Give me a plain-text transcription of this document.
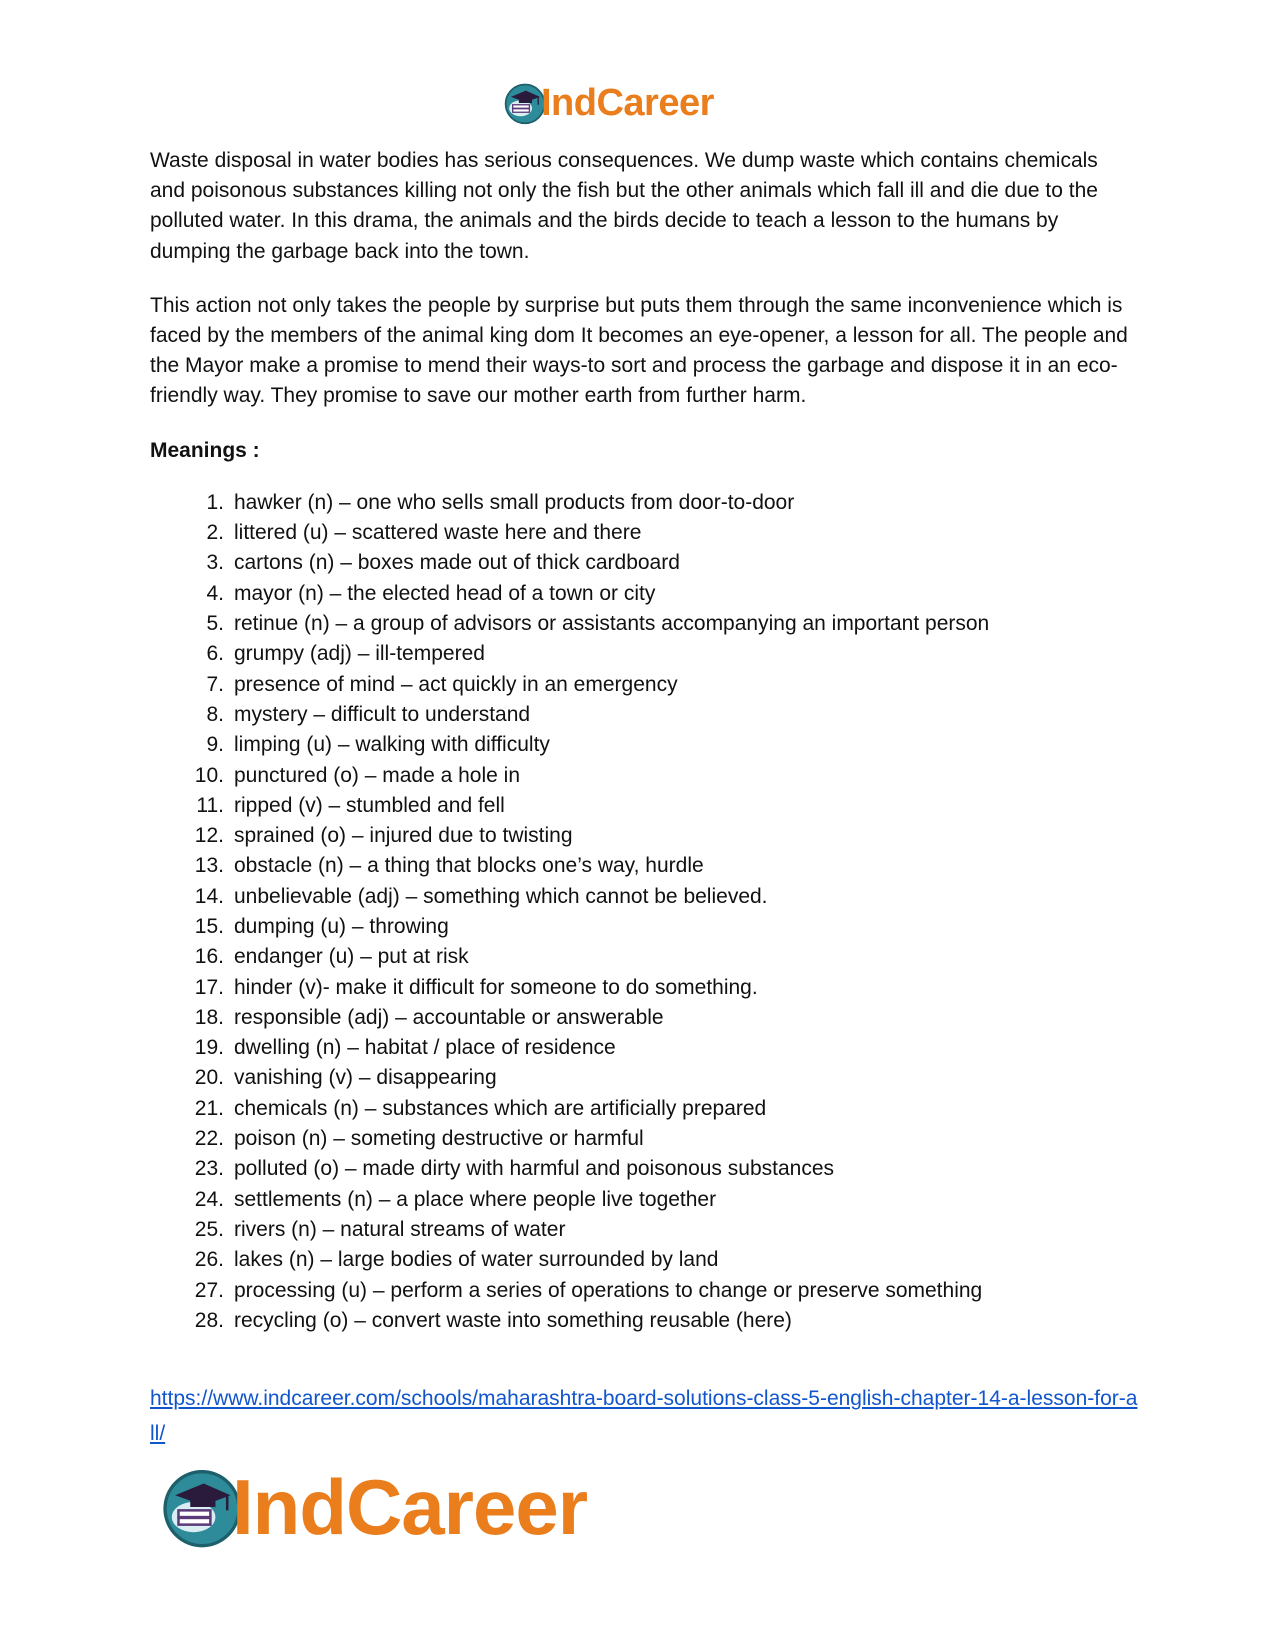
IndCareer

Waste disposal in water bodies has serious consequences. We dump waste which contains chemicals and poisonous substances killing not only the fish but the other animals which fall ill and die due to the polluted water. In this drama, the animals and the birds decide to teach a lesson to the humans by dumping the garbage back into the town.

This action not only takes the people by surprise but puts them through the same inconvenience which is faced by the members of the animal king dom It becomes an eye-opener, a lesson for all. The people and the Mayor make a promise to mend their ways-to sort and process the garbage and dispose it in an eco-friendly way. They promise to save our mother earth from further harm.

Meanings :
1. hawker (n) – one who sells small products from door-to-door
2. littered (u) – scattered waste here and there
3. cartons (n) – boxes made out of thick cardboard
4. mayor (n) – the elected head of a town or city
5. retinue (n) – a group of advisors or assistants accompanying an important person
6. grumpy (adj) – ill-tempered
7. presence of mind – act quickly in an emergency
8. mystery – difficult to understand
9. limping (u) – walking with difficulty
10. punctured (o) – made a hole in
11. ripped (v) – stumbled and fell
12. sprained (o) – injured due to twisting
13. obstacle (n) – a thing that blocks one’s way, hurdle
14. unbelievable (adj) – something which cannot be believed.
15. dumping (u) – throwing
16. endanger (u) – put at risk
17. hinder (v)- make it difficult for someone to do something.
18. responsible (adj) – accountable or answerable
19. dwelling (n) – habitat / place of residence
20. vanishing (v) – disappearing
21. chemicals (n) – substances which are artificially prepared
22. poison (n) – someting destructive or harmful
23. polluted (o) – made dirty with harmful and poisonous substances
24. settlements (n) – a place where people live together
25. rivers (n) – natural streams of water
26. lakes (n) – large bodies of water surrounded by land
27. processing (u) – perform a series of operations to change or preserve something
28. recycling (o) – convert waste into something reusable (here)
https://www.indcareer.com/schools/maharashtra-board-solutions-class-5-english-chapter-14-a-lesson-for-all/
IndCareer
